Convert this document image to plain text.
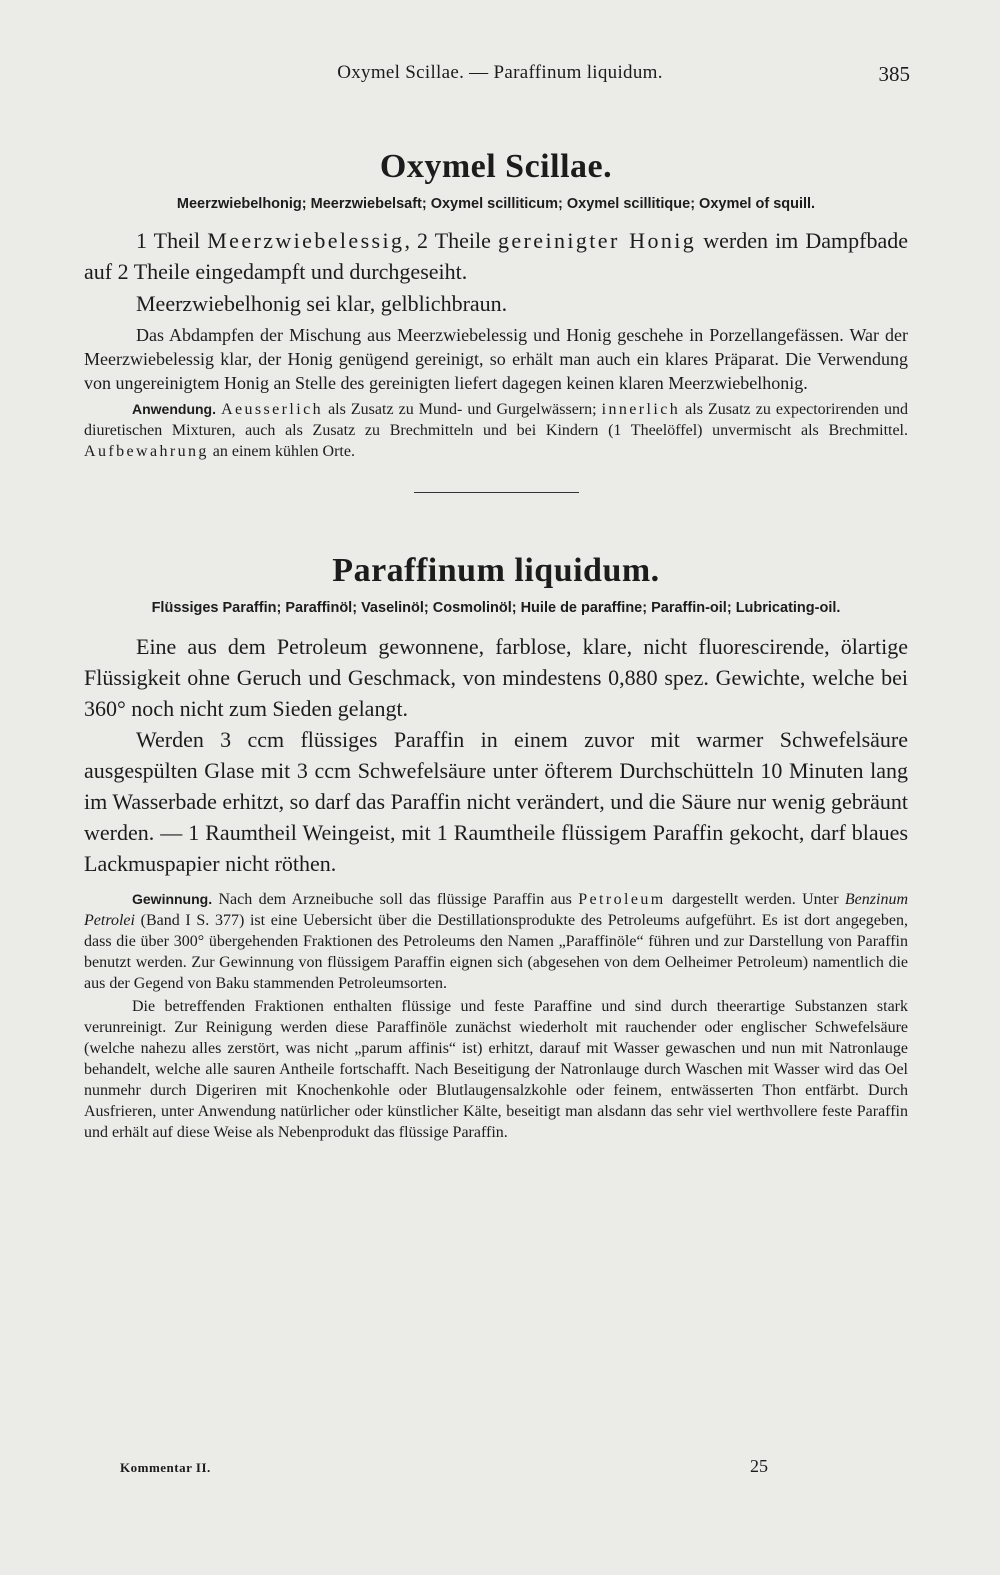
Oxymel Scillae. — Paraffinum liquidum.	385
Oxymel Scillae.
Meerzwiebelhonig; Meerzwiebelsaft; Oxymel scilliticum; Oxymel scillitique; Oxymel of squill.

1 Theil Meerzwiebelessig, 2 Theile gereinigter Honig werden im Dampfbade auf 2 Theile eingedampft und durchgeseiht.

Meerzwiebelhonig sei klar, gelblichbraun.

Das Abdampfen der Mischung aus Meerzwiebelessig und Honig geschehe in Porzellangefässen. War der Meerzwiebelessig klar, der Honig genügend gereinigt, so erhält man auch ein klares Präparat. Die Verwendung von ungereinigtem Honig an Stelle des gereinigten liefert dagegen keinen klaren Meerzwiebelhonig.

Anwendung. Aeusserlich als Zusatz zu Mund- und Gurgelwässern; innerlich als Zusatz zu expectorirenden und diuretischen Mixturen, auch als Zusatz zu Brechmitteln und bei Kindern (1 Theelöffel) unvermischt als Brechmittel. Aufbewahrung an einem kühlen Orte.

Paraffinum liquidum.
Flüssiges Paraffin; Paraffinöl; Vaselinöl; Cosmolinöl; Huile de paraffine; Paraffin-oil; Lubricating-oil.

Eine aus dem Petroleum gewonnene, farblose, klare, nicht fluorescirende, ölartige Flüssigkeit ohne Geruch und Geschmack, von mindestens 0,880 spez. Gewichte, welche bei 360° noch nicht zum Sieden gelangt.

Werden 3 ccm flüssiges Paraffin in einem zuvor mit warmer Schwefelsäure ausgespülten Glase mit 3 ccm Schwefelsäure unter öfterem Durchschütteln 10 Minuten lang im Wasserbade erhitzt, so darf das Paraffin nicht verändert, und die Säure nur wenig gebräunt werden. — 1 Raumtheil Weingeist, mit 1 Raumtheile flüssigem Paraffin gekocht, darf blaues Lackmuspapier nicht röthen.

Gewinnung. Nach dem Arzneibuche soll das flüssige Paraffin aus Petroleum dargestellt werden. Unter Benzinum Petrolei (Band I S. 377) ist eine Uebersicht über die Destillationsprodukte des Petroleums aufgeführt. Es ist dort angegeben, dass die über 300° übergehenden Fraktionen des Petroleums den Namen „Paraffinöle“ führen und zur Darstellung von Paraffin benutzt werden. Zur Gewinnung von flüssigem Paraffin eignen sich (abgesehen von dem Oelheimer Petroleum) namentlich die aus der Gegend von Baku stammenden Petroleumsorten.

Die betreffenden Fraktionen enthalten flüssige und feste Paraffine und sind durch theerartige Substanzen stark verunreinigt. Zur Reinigung werden diese Paraffinöle zunächst wiederholt mit rauchender oder englischer Schwefelsäure (welche nahezu alles zerstört, was nicht „parum affinis“ ist) erhitzt, darauf mit Wasser gewaschen und nun mit Natronlauge behandelt, welche alle sauren Antheile fortschafft. Nach Beseitigung der Natronlauge durch Waschen mit Wasser wird das Oel nunmehr durch Digeriren mit Knochenkohle oder Blutlaugensalzkohle oder feinem, entwässerten Thon entfärbt. Durch Ausfrieren, unter Anwendung natürlicher oder künstlicher Kälte, beseitigt man alsdann das sehr viel werthvollere feste Paraffin und erhält auf diese Weise als Nebenprodukt das flüssige Paraffin.

Kommentar II.	25
